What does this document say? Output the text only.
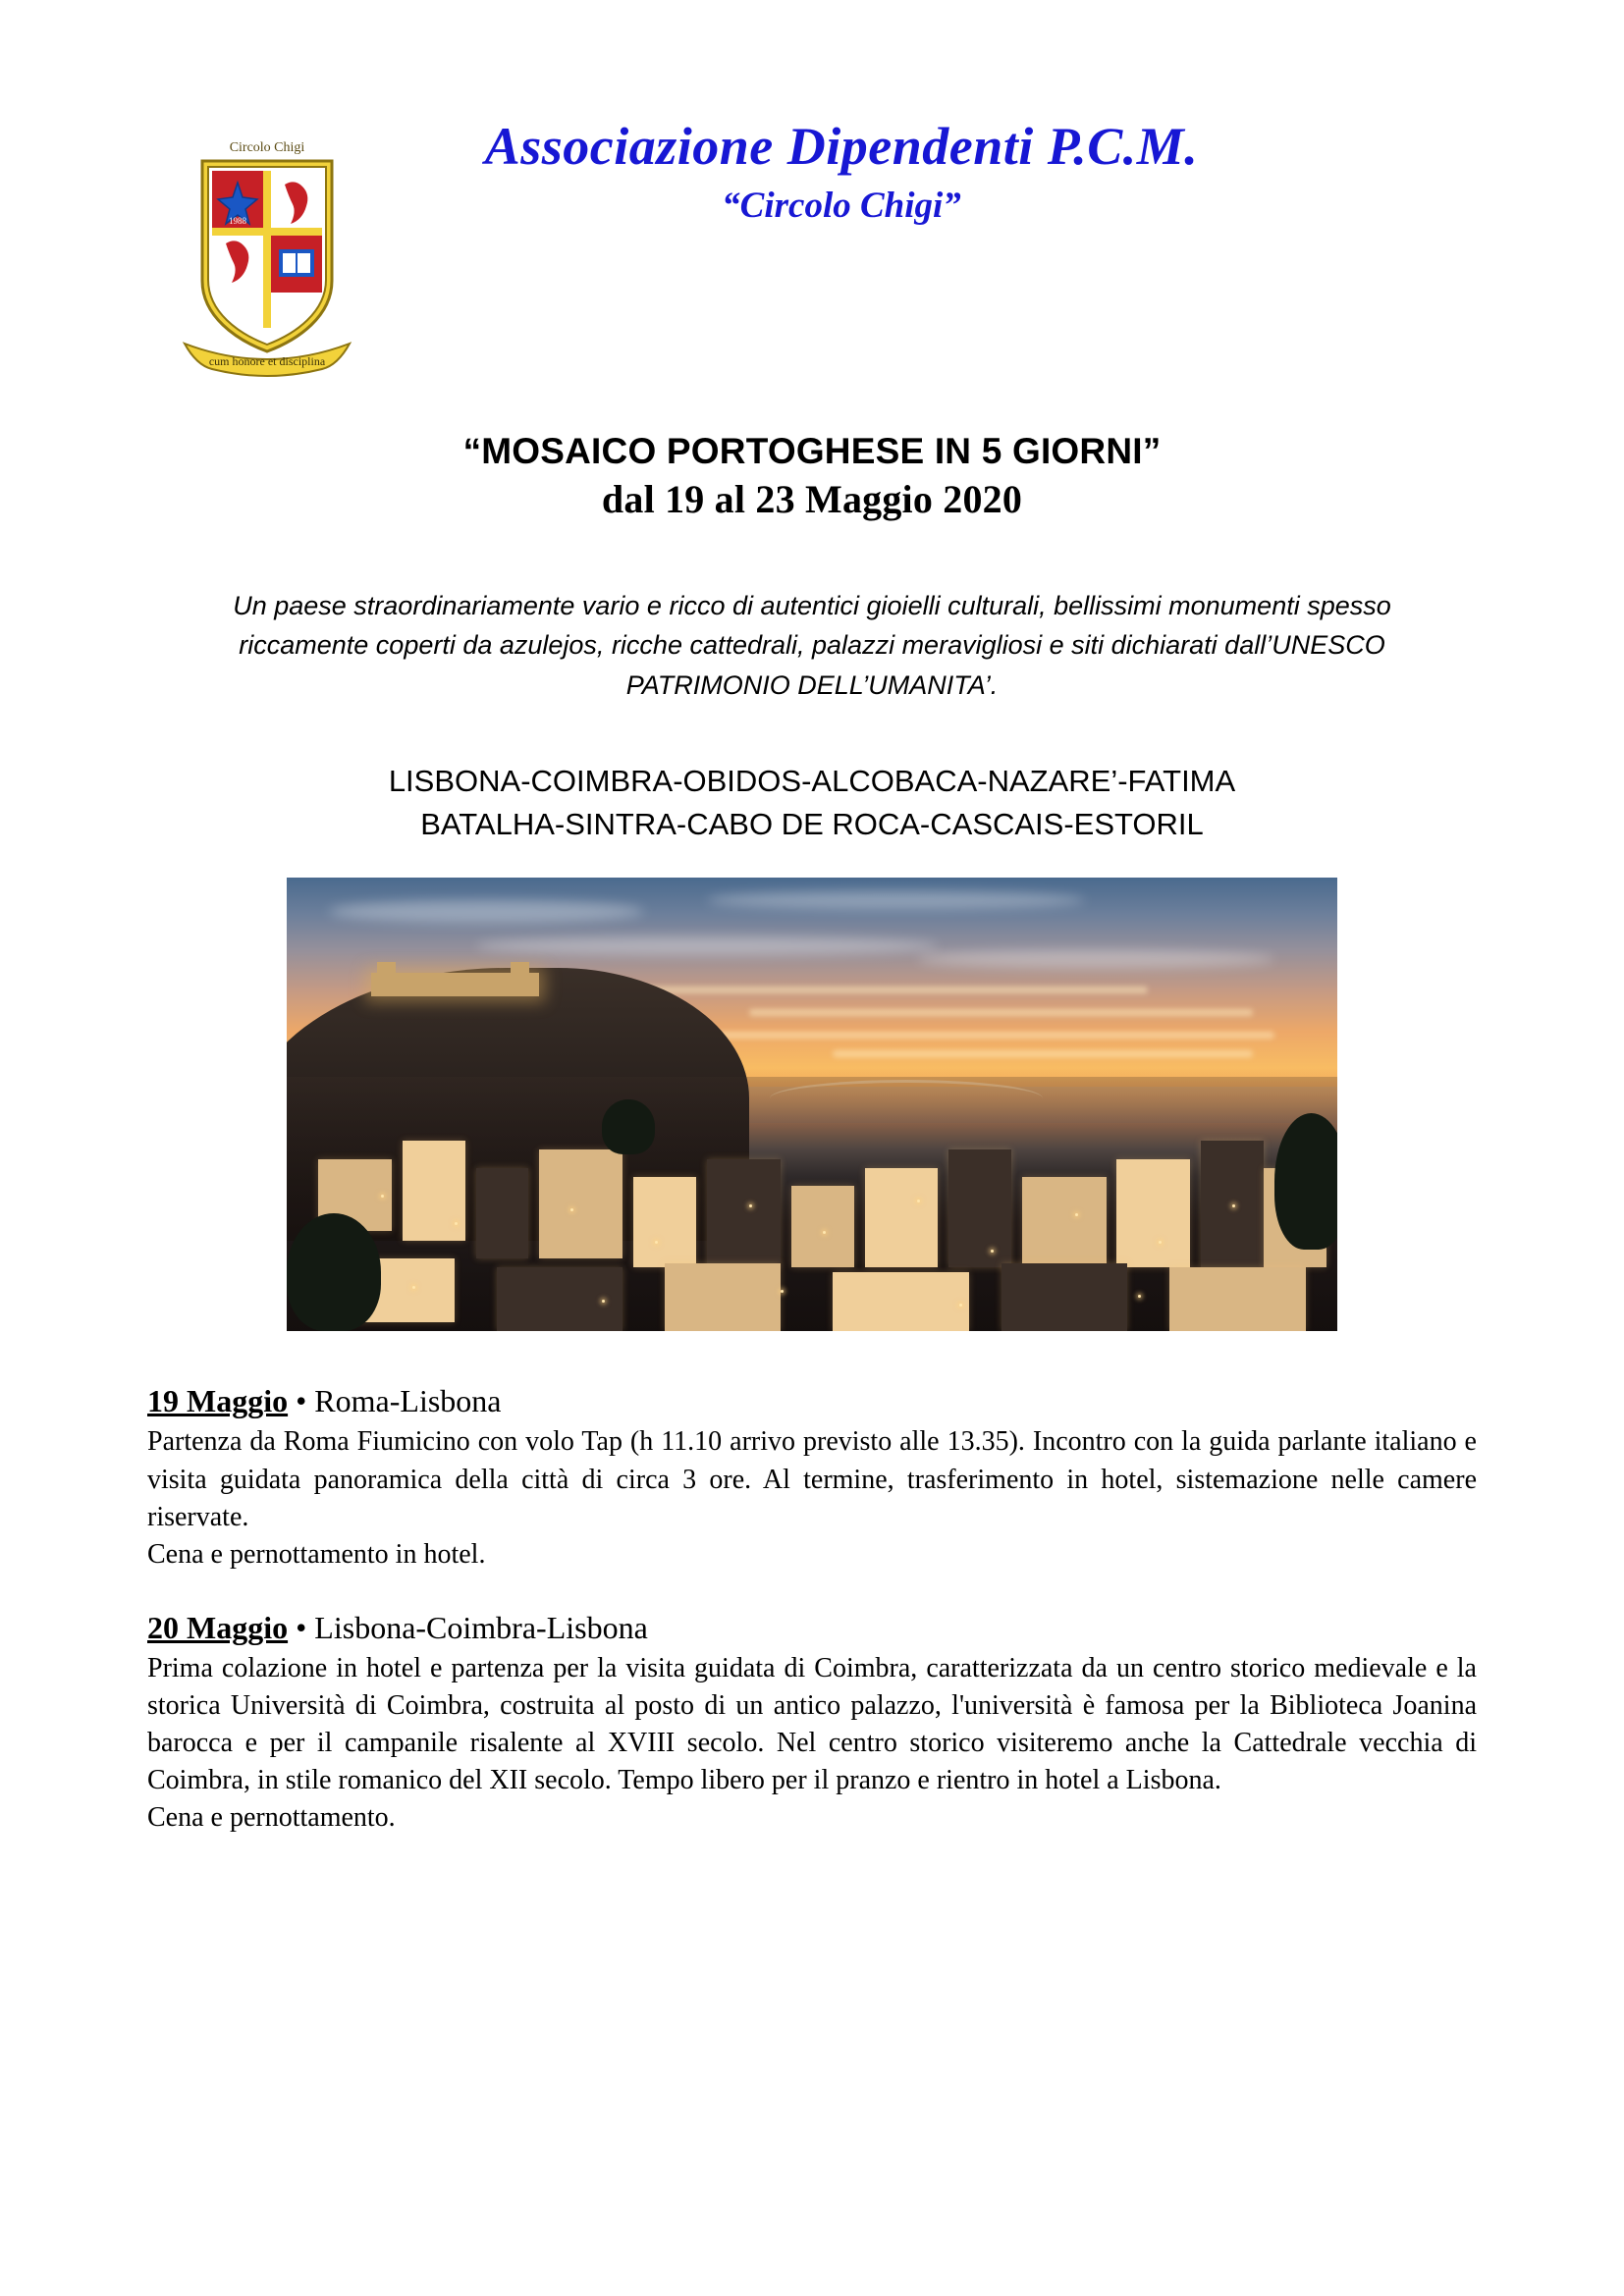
Circolo Chigi
1988
cum honore et disciplina
Associazione Dipendenti P.C.M.
“Circolo Chigi”
“MOSAICO PORTOGHESE IN 5 GIORNI”
dal 19 al 23 Maggio 2020
Un paese straordinariamente vario e ricco di autentici gioielli culturali, bellissimi monumenti spesso riccamente coperti da azulejos, ricche cattedrali, palazzi meravigliosi e siti dichiarati dall’UNESCO PATRIMONIO DELL’UMANITA’.
LISBONA-COIMBRA-OBIDOS-ALCOBACA-NAZARE’-FATIMA
BATALHA-SINTRA-CABO DE ROCA-CASCAIS-ESTORIL
19 Maggio • Roma-Lisbona

Partenza da Roma Fiumicino con volo Tap (h 11.10 arrivo previsto alle 13.35). Incontro con la guida parlante italiano e visita guidata panoramica della città di circa 3 ore. Al termine, trasferimento in hotel, sistemazione nelle camere riservate.

Cena e pernottamento in hotel.

20 Maggio • Lisbona-Coimbra-Lisbona

Prima colazione in hotel e partenza per la visita guidata di Coimbra, caratterizzata da un centro storico medievale e la storica Università di Coimbra, costruita al posto di un antico palazzo, l'università è famosa per la Biblioteca Joanina barocca e per il campanile risalente al XVIII secolo. Nel centro storico visiteremo anche la Cattedrale vecchia di Coimbra, in stile romanico del XII secolo. Tempo libero per il pranzo e rientro in hotel a Lisbona.

Cena e pernottamento.
